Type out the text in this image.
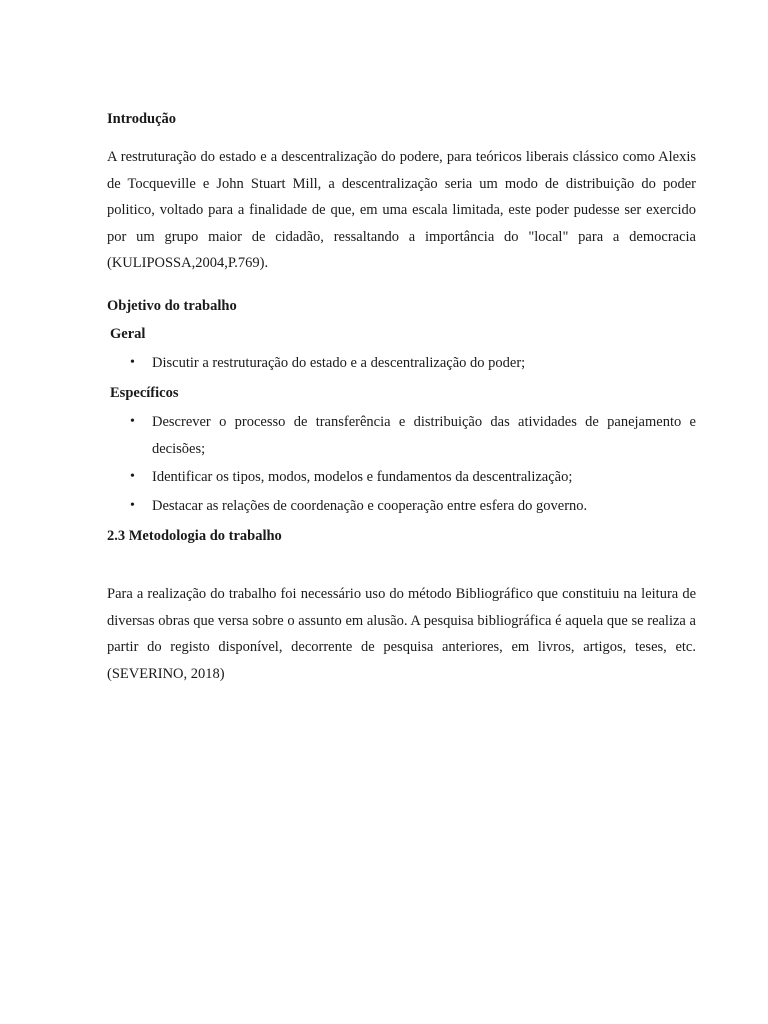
Introdução

A restruturação do estado e a descentralização do podere, para teóricos liberais clássico como Alexis de Tocqueville e John Stuart Mill, a descentralização seria um modo de distribuição do poder politico, voltado para a finalidade de que, em uma escala limitada, este poder pudesse ser exercido por um grupo maior de cidadão, ressaltando a importância do "local" para a democracia (KULIPOSSA,2004,P.769).

Objetivo do trabalho

Geral

• Discutir a restruturação do estado e a descentralização do poder;

Específicos

• Descrever o processo de transferência e distribuição das atividades de panejamento e decisões;
• Identificar os tipos, modos, modelos e fundamentos da descentralização;
• Destacar as relações de coordenação e cooperação entre esfera do governo.

2.3 Metodologia do trabalho

Para a realização do trabalho foi necessário uso do método Bibliográfico que constituiu na leitura de diversas obras que versa sobre o assunto em alusão. A pesquisa bibliográfica é aquela que se realiza a partir do registo disponível, decorrente de pesquisa anteriores, em livros, artigos, teses, etc. (SEVERINO, 2018)
